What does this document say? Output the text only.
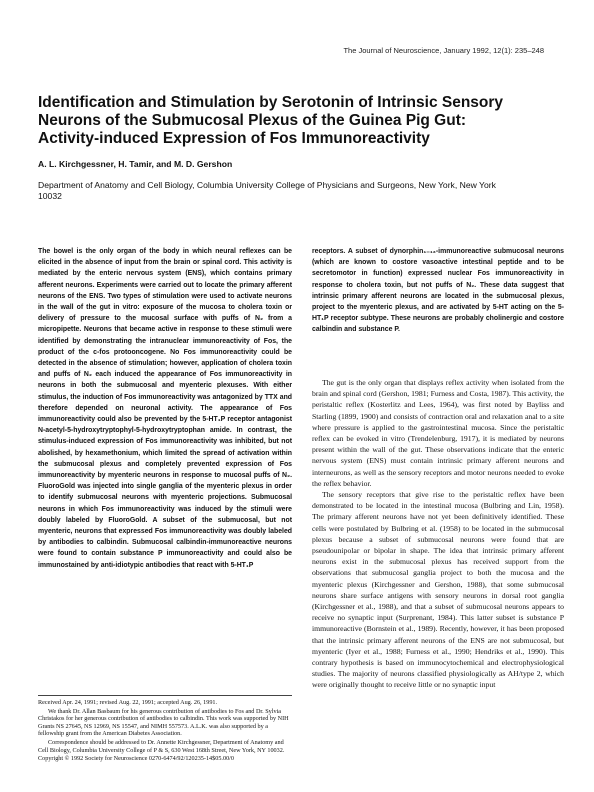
The Journal of Neuroscience, January 1992, 12(1): 235–248
Identification and Stimulation by Serotonin of Intrinsic Sensory
Neurons of the Submucosal Plexus of the Guinea Pig Gut:
Activity-induced Expression of Fos Immunoreactivity
A. L. Kirchgessner, H. Tamir, and M. D. Gershon
Department of Anatomy and Cell Biology, Columbia University College of Physicians and Surgeons, New York, New York 10032
The bowel is the only organ of the body in which neural reflexes can be elicited in the absence of input from the brain or spinal cord. This activity is mediated by the enteric nervous system (ENS), which contains primary afferent neurons. Experiments were carried out to locate the primary afferent neurons of the ENS. Two types of stimulation were used to activate neurons in the wall of the gut in vitro: exposure of the mucosa to cholera toxin or delivery of pressure to the mucosal surface with puffs of N₂ from a micropipette. Neurons that became active in response to these stimuli were identified by demonstrating the intranuclear immunoreactivity of Fos, the product of the c-fos protooncogene. No Fos immunoreactivity could be detected in the absence of stimulation; however, application of cholera toxin and puffs of N₂ each induced the appearance of Fos immunoreactivity in neurons in both the submucosal and myenteric plexuses. With either stimulus, the induction of Fos immunoreactivity was antagonized by TTX and therefore depended on neuronal activity. The appearance of Fos immunoreactivity could also be prevented by the 5-HT₁P receptor antagonist N-acetyl-5-hydroxytryptophyl-5-hydroxytryptophan amide. In contrast, the stimulus-induced expression of Fos immunoreactivity was inhibited, but not abolished, by hexamethonium, which limited the spread of activation within the submucosal plexus and completely prevented expression of Fos immunoreactivity by myenteric neurons in response to mucosal puffs of N₂. FluoroGold was injected into single ganglia of the myenteric plexus in order to identify submucosal neurons with myenteric projections. Submucosal neurons in which Fos immunoreactivity was induced by the stimuli were doubly labeled by FluoroGold. A subset of the submucosal, but not myenteric, neurons that expressed Fos immunoreactivity was doubly labeled by antibodies to calbindin. Submucosal calbindin-immunoreactive neurons were found to contain substance P immunoreactivity and could also be immunostained by anti-idiotypic antibodies that react with 5-HT₁P
receptors. A subset of dynorphin₁₋₁₃-immunoreactive submucosal neurons (which are known to costore vasoactive intestinal peptide and to be secretomotor in function) expressed nuclear Fos immunoreactivity in response to cholera toxin, but not puffs of N₂. These data suggest that intrinsic primary afferent neurons are located in the submucosal plexus, project to the myenteric plexus, and are activated by 5-HT acting on the 5-HT₁P receptor subtype. These neurons are probably cholinergic and costore calbindin and substance P.

The gut is the only organ that displays reflex activity when isolated from the brain and spinal cord (Gershon, 1981; Furness and Costa, 1987). This activity, the peristaltic reflex (Kosterlitz and Lees, 1964), was first noted by Bayliss and Starling (1899, 1900) and consists of contraction oral and relaxation anal to a site where pressure is applied to the gastrointestinal mucosa. Since the peristaltic reflex can be evoked in vitro (Trendelenburg, 1917), it is mediated by neurons present within the wall of the gut. These observations indicate that the enteric nervous system (ENS) must contain intrinsic primary afferent neurons and interneurons, as well as the sensory receptors and motor neurons needed to evoke the reflex behavior.

The sensory receptors that give rise to the peristaltic reflex have been demonstrated to be located in the intestinal mucosa (Bulbring and Lin, 1958). The primary afferent neurons have not yet been definitively identified. These cells were postulated by Bulbring et al. (1958) to be located in the submucosal plexus because a subset of submucosal neurons were found that are pseudounipolar or bipolar in shape. The idea that intrinsic primary afferent neurons exist in the submucosal plexus has received support from the observations that submucosal ganglia project to both the mucosa and the myenteric plexus (Kirchgessner and Gershon, 1988), that some submucosal neurons share surface antigens with sensory neurons in dorsal root ganglia (Kirchgessner et al., 1988), and that a subset of submucosal neurons appears to receive no synaptic input (Surprenant, 1984). This latter subset is substance P immunoreactive (Bornstein et al., 1989). Recently, however, it has been proposed that the intrinsic primary afferent neurons of the ENS are not submucosal, but myenteric (Iyer et al., 1988; Furness et al., 1990; Hendriks et al., 1990). This contrary hypothesis is based on immunocytochemical and electrophysiological studies. The majority of neurons classified physiologically as AH/type 2, which were originally thought to receive little or no synaptic input

Received Apr. 24, 1991; revised Aug. 22, 1991; accepted Aug. 26, 1991.

We thank Dr. Allan Basbaum for his generous contribution of antibodies to Fos and Dr. Sylvia Christakos for her generous contribution of antibodies to calbindin. This work was supported by NIH Grants NS 27645, NS 12969, NS 15547, and NIMH 557573. A.L.K. was also supported by a fellowship grant from the American Diabetes Association.

Correspondence should be addressed to Dr. Annette Kirchgessner, Department of Anatomy and Cell Biology, Columbia University College of P & S, 630 West 168th Street, New York, NY 10032.

Copyright © 1992 Society for Neuroscience 0270-6474/92/120235-14$05.00/0
